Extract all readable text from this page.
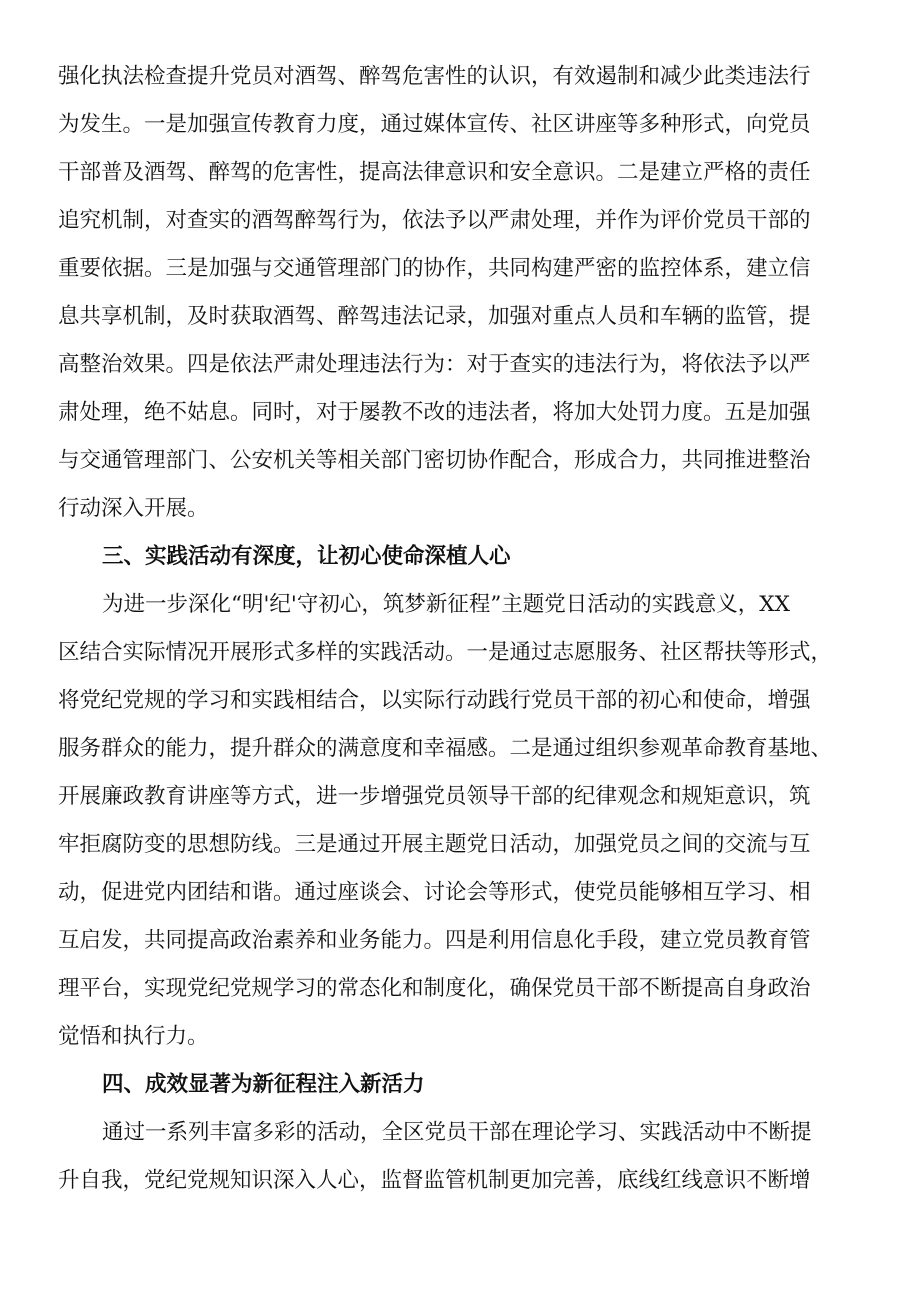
强化执法检查提升党员对酒驾、醉驾危害性的认识，有效遏制和减少此类违法行
为发生。一是加强宣传教育力度，通过媒体宣传、社区讲座等多种形式，向党员
干部普及酒驾、醉驾的危害性，提高法律意识和安全意识。二是建立严格的责任
追究机制，对查实的酒驾醉驾行为，依法予以严肃处理，并作为评价党员干部的
重要依据。三是加强与交通管理部门的协作，共同构建严密的监控体系，建立信
息共享机制，及时获取酒驾、醉驾违法记录，加强对重点人员和车辆的监管，提
高整治效果。四是依法严肃处理违法行为：对于查实的违法行为，将依法予以严
肃处理，绝不姑息。同时，对于屡教不改的违法者，将加大处罚力度。五是加强
与交通管理部门、公安机关等相关部门密切协作配合，形成合力，共同推进整治
行动深入开展。
三、实践活动有深度，让初心使命深植人心
为进一步深化“明'纪'守初心，筑梦新征程”主题党日活动的实践意义，XX
区结合实际情况开展形式多样的实践活动。一是通过志愿服务、社区帮扶等形式，
将党纪党规的学习和实践相结合，以实际行动践行党员干部的初心和使命，增强
服务群众的能力，提升群众的满意度和幸福感。二是通过组织参观革命教育基地、
开展廉政教育讲座等方式，进一步增强党员领导干部的纪律观念和规矩意识，筑
牢拒腐防变的思想防线。三是通过开展主题党日活动，加强党员之间的交流与互
动，促进党内团结和谐。通过座谈会、讨论会等形式，使党员能够相互学习、相
互启发，共同提高政治素养和业务能力。四是利用信息化手段，建立党员教育管
理平台，实现党纪党规学习的常态化和制度化，确保党员干部不断提高自身政治
觉悟和执行力。
四、成效显著为新征程注入新活力
通过一系列丰富多彩的活动，全区党员干部在理论学习、实践活动中不断提
升自我，党纪党规知识深入人心，监督监管机制更加完善，底线红线意识不断增
